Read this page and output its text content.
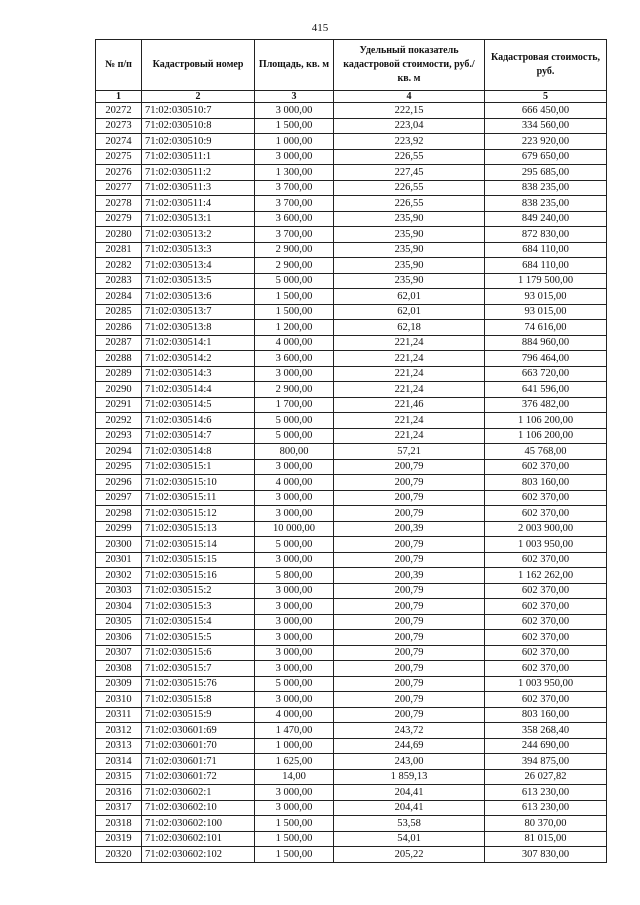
415
№ п/п	Кадастровый номер	Площадь, кв. м	Удельный показатель кадастровой стоимости, руб./кв. м	Кадастровая стоимость, руб.
1	2	3	4	5
20272	71:02:030510:7	3 000,00	222,15	666 450,00
20273	71:02:030510:8	1 500,00	223,04	334 560,00
20274	71:02:030510:9	1 000,00	223,92	223 920,00
20275	71:02:030511:1	3 000,00	226,55	679 650,00
20276	71:02:030511:2	1 300,00	227,45	295 685,00
20277	71:02:030511:3	3 700,00	226,55	838 235,00
20278	71:02:030511:4	3 700,00	226,55	838 235,00
20279	71:02:030513:1	3 600,00	235,90	849 240,00
20280	71:02:030513:2	3 700,00	235,90	872 830,00
20281	71:02:030513:3	2 900,00	235,90	684 110,00
20282	71:02:030513:4	2 900,00	235,90	684 110,00
20283	71:02:030513:5	5 000,00	235,90	1 179 500,00
20284	71:02:030513:6	1 500,00	62,01	93 015,00
20285	71:02:030513:7	1 500,00	62,01	93 015,00
20286	71:02:030513:8	1 200,00	62,18	74 616,00
20287	71:02:030514:1	4 000,00	221,24	884 960,00
20288	71:02:030514:2	3 600,00	221,24	796 464,00
20289	71:02:030514:3	3 000,00	221,24	663 720,00
20290	71:02:030514:4	2 900,00	221,24	641 596,00
20291	71:02:030514:5	1 700,00	221,46	376 482,00
20292	71:02:030514:6	5 000,00	221,24	1 106 200,00
20293	71:02:030514:7	5 000,00	221,24	1 106 200,00
20294	71:02:030514:8	800,00	57,21	45 768,00
20295	71:02:030515:1	3 000,00	200,79	602 370,00
20296	71:02:030515:10	4 000,00	200,79	803 160,00
20297	71:02:030515:11	3 000,00	200,79	602 370,00
20298	71:02:030515:12	3 000,00	200,79	602 370,00
20299	71:02:030515:13	10 000,00	200,39	2 003 900,00
20300	71:02:030515:14	5 000,00	200,79	1 003 950,00
20301	71:02:030515:15	3 000,00	200,79	602 370,00
20302	71:02:030515:16	5 800,00	200,39	1 162 262,00
20303	71:02:030515:2	3 000,00	200,79	602 370,00
20304	71:02:030515:3	3 000,00	200,79	602 370,00
20305	71:02:030515:4	3 000,00	200,79	602 370,00
20306	71:02:030515:5	3 000,00	200,79	602 370,00
20307	71:02:030515:6	3 000,00	200,79	602 370,00
20308	71:02:030515:7	3 000,00	200,79	602 370,00
20309	71:02:030515:76	5 000,00	200,79	1 003 950,00
20310	71:02:030515:8	3 000,00	200,79	602 370,00
20311	71:02:030515:9	4 000,00	200,79	803 160,00
20312	71:02:030601:69	1 470,00	243,72	358 268,40
20313	71:02:030601:70	1 000,00	244,69	244 690,00
20314	71:02:030601:71	1 625,00	243,00	394 875,00
20315	71:02:030601:72	14,00	1 859,13	26 027,82
20316	71:02:030602:1	3 000,00	204,41	613 230,00
20317	71:02:030602:10	3 000,00	204,41	613 230,00
20318	71:02:030602:100	1 500,00	53,58	80 370,00
20319	71:02:030602:101	1 500,00	54,01	81 015,00
20320	71:02:030602:102	1 500,00	205,22	307 830,00
